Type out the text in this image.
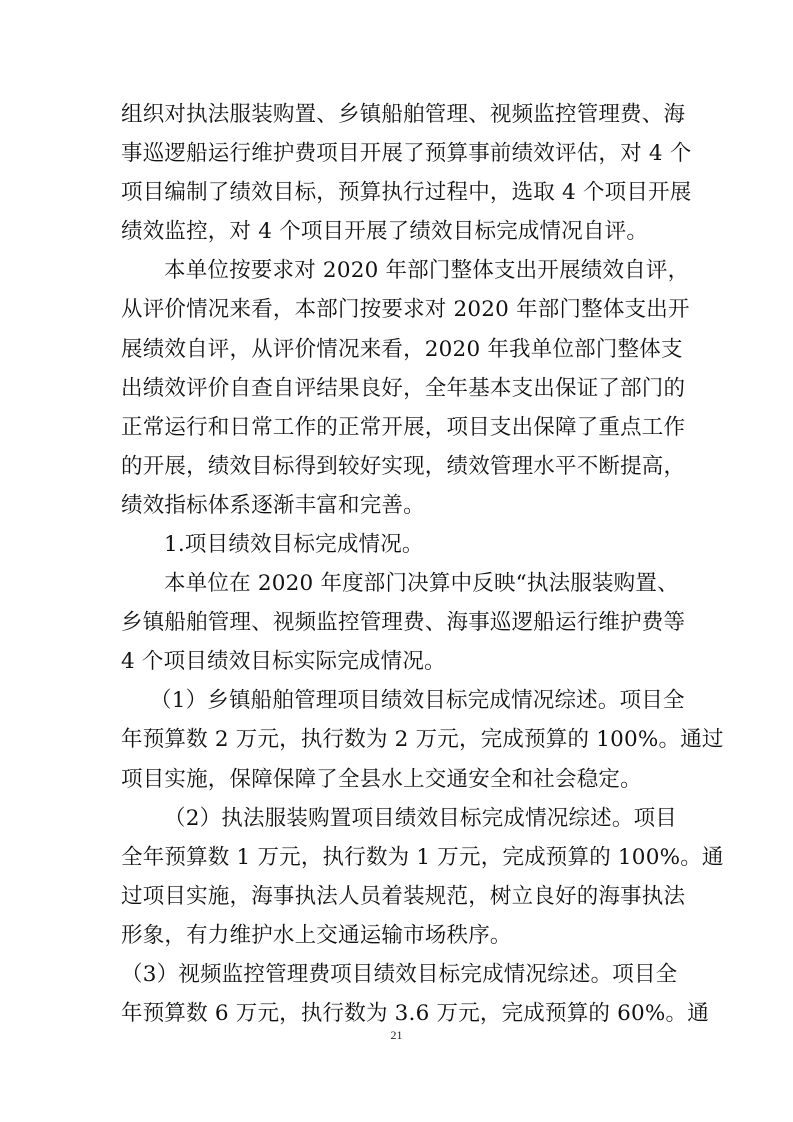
组织对执法服装购置、乡镇船舶管理、视频监控管理费、海
事巡逻船运行维护费项目开展了预算事前绩效评估，对 4 个
项目编制了绩效目标，预算执行过程中，选取 4 个项目开展
绩效监控，对 4 个项目开展了绩效目标完成情况自评。
本单位按要求对 2020 年部门整体支出开展绩效自评，
从评价情况来看，本部门按要求对 2020 年部门整体支出开
展绩效自评，从评价情况来看，2020 年我单位部门整体支
出绩效评价自查自评结果良好，全年基本支出保证了部门的
正常运行和日常工作的正常开展，项目支出保障了重点工作
的开展，绩效目标得到较好实现，绩效管理水平不断提高，
绩效指标体系逐渐丰富和完善。
1.项目绩效目标完成情况。
本单位在 2020 年度部门决算中反映“执法服装购置、
乡镇船舶管理、视频监控管理费、海事巡逻船运行维护费等
4 个项目绩效目标实际完成情况。
（1）乡镇船舶管理项目绩效目标完成情况综述。项目全
年预算数 2 万元，执行数为 2 万元，完成预算的 100%。通过
项目实施，保障保障了全县水上交通安全和社会稳定。
（2）执法服装购置项目绩效目标完成情况综述。项目
全年预算数 1 万元，执行数为 1 万元，完成预算的 100%。通
过项目实施，海事执法人员着装规范，树立良好的海事执法
形象，有力维护水上交通运输市场秩序。
（3）视频监控管理费项目绩效目标完成情况综述。项目全
年预算数 6 万元，执行数为 3.6 万元，完成预算的 60%。通
21
